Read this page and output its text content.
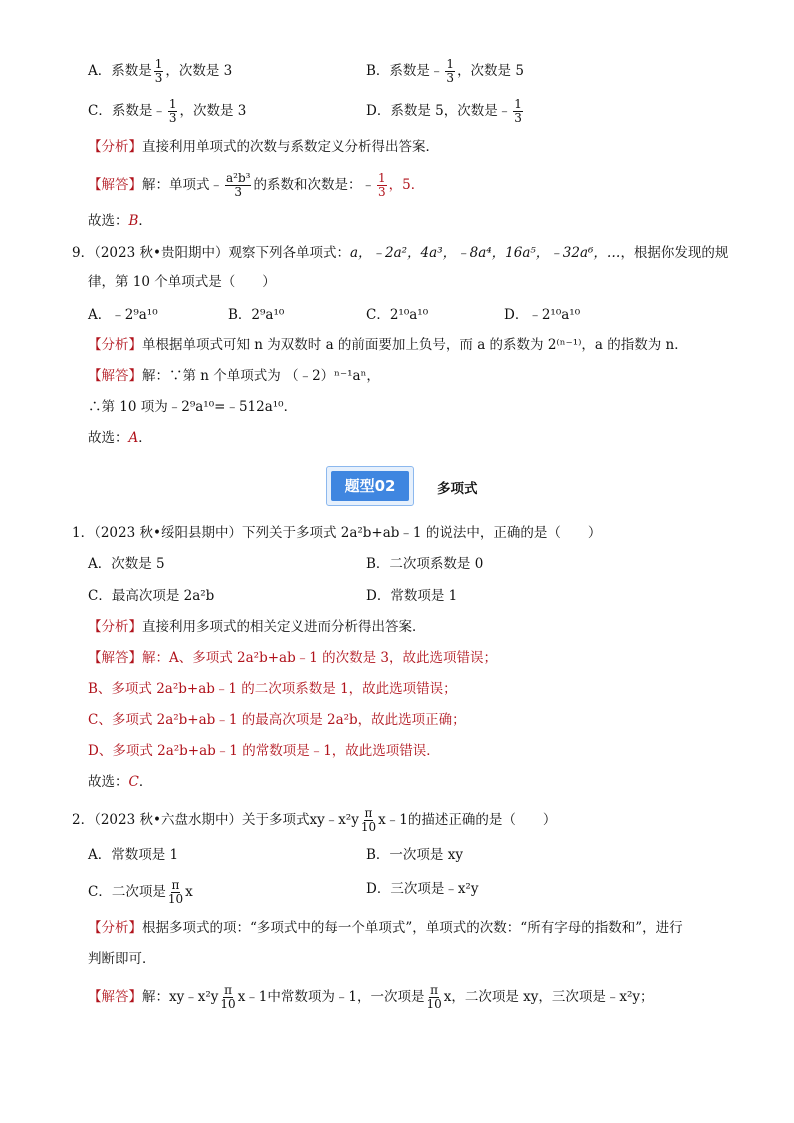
A．系数是 $\frac{1}{3}$ ，次数是 3	B．系数是﹣ $\frac{1}{3}$ ，次数是 5
C．系数是﹣ $\frac{1}{3}$ ，次数是 3	D．系数是 5，次数是﹣ $\frac{1}{3}$
【分析】直接利用单项式的次数与系数定义分析得出答案．
【解答】解：单项式﹣ $\frac{\text{a²b³}}{3}$ 的系数和次数是：﹣ $\frac{1}{3}$ ，5．
故选：B．
9．（2023 秋•贵阳期中）观察下列各单项式：a，﹣2a²，4a³，﹣8a⁴，16a⁵，﹣32a⁶，…，根据你发现的规
律，第 10 个单项式是（　　）
A．﹣2⁹a¹⁰	B．2⁹a¹⁰	C．2¹⁰a¹⁰	D．﹣2¹⁰a¹⁰
【分析】单根据单项式可知 n 为双数时 a 的前面要加上负号，而 a 的系数为 2⁽ⁿ⁻¹⁾，a 的指数为 n．
【解答】解：∵第 n 个单项式为 （﹣2）ⁿ⁻¹aⁿ，
∴第 10 项为﹣2⁹a¹⁰=﹣512a¹⁰．
故选：A．
题型02	多项式
1．（2023 秋•绥阳县期中）下列关于多项式 2a²b+ab﹣1 的说法中，正确的是（　　）
A．次数是 5	B．二次项系数是 0
C．最高次项是 2a²b	D．常数项是 1
【分析】直接利用多项式的相关定义进而分析得出答案．
【解答】解：A、多项式 2a²b+ab﹣1 的次数是 3，故此选项错误；
B、多项式 2a²b+ab﹣1 的二次项系数是 1，故此选项错误；
C、多项式 2a²b+ab﹣1 的最高次项是 2a²b，故此选项正确；
D、多项式 2a²b+ab﹣1 的常数项是﹣1，故此选项错误．
故选：C．
2．（2023 秋•六盘水期中）关于多项式xy﹣x²y $\frac{\pi}{10}$ x﹣1的描述正确的是（　　）
A．常数项是 1	B．一次项是 xy
C．二次项是 $\frac{\pi}{10}$ x	D．三次项是﹣x²y
【分析】根据多项式的项：“多项式中的每一个单项式”，单项式的次数：“所有字母的指数和”，进行
判断即可．
【解答】解：xy﹣x²y $\frac{\pi}{10}$ x﹣1中常数项为﹣1，一次项是 $\frac{\pi}{10}$ x，二次项是 xy，三次项是﹣x²y；
